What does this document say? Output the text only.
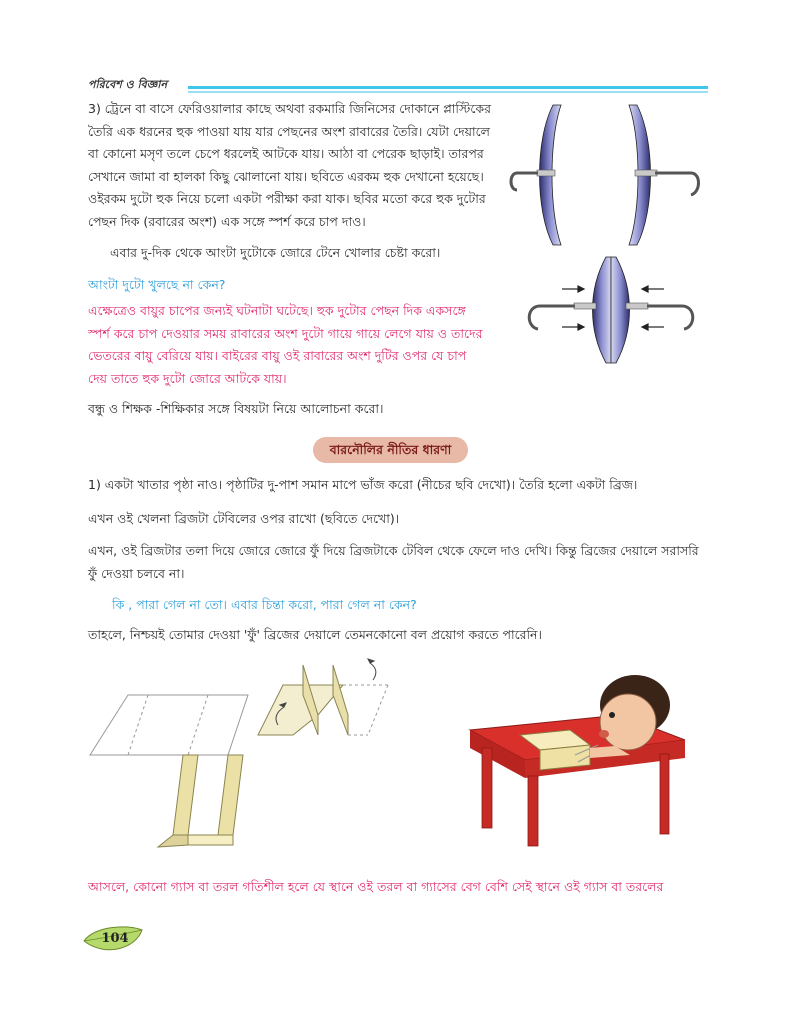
পরিবেশ ও বিজ্ঞান
3) ট্রেনে বা বাসে ফেরিওয়ালার কাছে অথবা রকমারি জিনিসের দোকানে প্লাস্টিকের
তৈরি এক ধরনের হুক পাওয়া যায় যার পেছনের অংশ রাবারের তৈরি। যেটা দেয়ালে
বা কোনো মসৃণ তলে চেপে ধরলেই আটকে যায়। আঠা বা পেরেক ছাড়াই। তারপর
সেখানে জামা বা হালকা কিছু ঝোলানো যায়। ছবিতে এরকম হুক দেখানো হয়েছে।
ওইরকম দুটো হুক নিয়ে চলো একটা পরীক্ষা করা যাক। ছবির মতো করে হুক দুটোর
পেছন দিক (রবারের অংশ) এক সঙ্গে স্পর্শ করে চাপ দাও।
এবার দু-দিক থেকে আংটা দুটোকে জোরে টেনে খোলার চেষ্টা করো।
আংটা দুটো খুলছে না কেন?
এক্ষেত্রেও বায়ুর চাপের জন্যই ঘটনাটা ঘটেছে। হুক দুটোর পেছন দিক একসঙ্গে
স্পর্শ করে চাপ দেওয়ার সময় রাবারের অংশ দুটো গায়ে গায়ে লেগে যায় ও তাদের
ভেতরের বায়ু বেরিয়ে যায়। বাইরের বায়ু ওই রাবারের অংশ দুটির ওপর যে চাপ
দেয় তাতে হুক দুটো জোরে আটকে যায়।
বন্ধু ও শিক্ষক -শিক্ষিকার সঙ্গে বিষয়টা নিয়ে আলোচনা করো।
বারনৌলির নীতির ধারণা
1) একটা খাতার পৃষ্ঠা নাও। পৃষ্ঠাটির দু-পাশ সমান মাপে ভাঁজ করো (নীচের ছবি দেখো)। তৈরি হলো একটা ব্রিজ।
এখন ওই খেলনা ব্রিজটা টেবিলের ওপর রাখো (ছবিতে দেখো)।
এখন, ওই ব্রিজটার তলা দিয়ে জোরে জোরে ফুঁ দিয়ে ব্রিজটাকে টেবিল থেকে ফেলে দাও দেখি। কিন্তু ব্রিজের দেয়ালে সরাসরি
ফুঁ দেওয়া চলবে না।
কি , পারা গেল না তো। এবার চিন্তা করো, পারা গেল না কেন?
তাহলে, নিশ্চয়ই তোমার দেওয়া 'ফুঁ' ব্রিজের দেয়ালে তেমনকোনো বল প্রয়োগ করতে পারেনি।
আসলে, কোনো গ্যাস বা তরল গতিশীল হলে যে স্থানে ওই তরল বা গ্যাসের বেগ বেশি সেই স্থানে ওই গ্যাস বা তরলের
104
